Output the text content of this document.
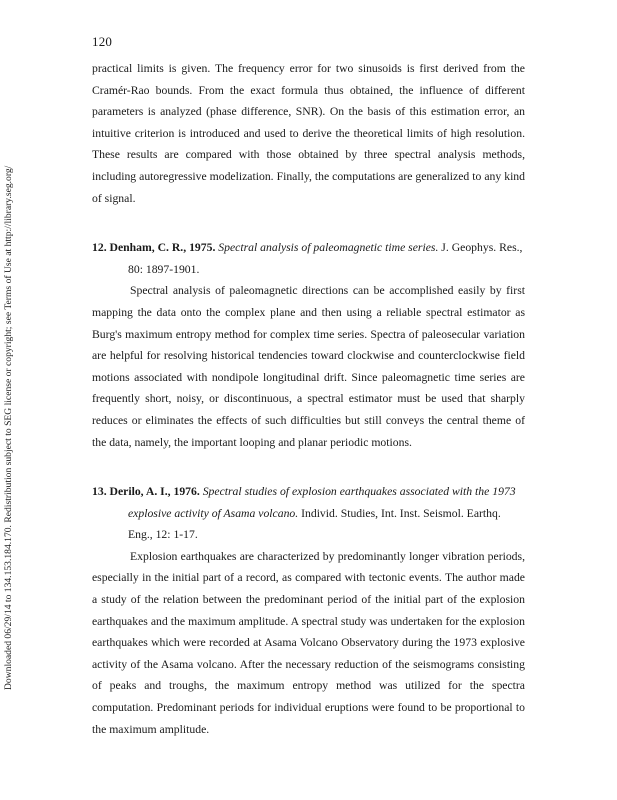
120
Downloaded 06/29/14 to 134.153.184.170. Redistribution subject to SEG license or copyright; see Terms of Use at http://library.seg.org/

practical limits is given. The frequency error for two sinusoids is first derived from the Cramér-Rao bounds. From the exact formula thus obtained, the influence of different parameters is analyzed (phase difference, SNR). On the basis of this estimation error, an intuitive criterion is introduced and used to derive the theoretical limits of high resolution. These results are compared with those obtained by three spectral analysis methods, including autoregressive modelization. Finally, the computations are generalized to any kind of signal.

12. Denham, C. R., 1975. Spectral analysis of paleomagnetic time series. J. Geophys. Res., 80: 1897-1901.

Spectral analysis of paleomagnetic directions can be accomplished easily by first mapping the data onto the complex plane and then using a reliable spectral estimator as Burg's maximum entropy method for complex time series. Spectra of paleosecular variation are helpful for resolving historical tendencies toward clockwise and counterclockwise field motions associated with nondipole longitudinal drift. Since paleomagnetic time series are frequently short, noisy, or discontinuous, a spectral estimator must be used that sharply reduces or eliminates the effects of such difficulties but still conveys the central theme of the data, namely, the important looping and planar periodic motions.

13. Derilo, A. I., 1976. Spectral studies of explosion earthquakes associated with the 1973 explosive activity of Asama volcano. Individ. Studies, Int. Inst. Seismol. Earthq. Eng., 12: 1-17.

Explosion earthquakes are characterized by predominantly longer vibration periods, especially in the initial part of a record, as compared with tectonic events. The author made a study of the relation between the predominant period of the initial part of the explosion earthquakes and the maximum amplitude. A spectral study was undertaken for the explosion earthquakes which were recorded at Asama Volcano Observatory during the 1973 explosive activity of the Asama volcano. After the necessary reduction of the seismograms consisting of peaks and troughs, the maximum entropy method was utilized for the spectra computation. Predominant periods for individual eruptions were found to be proportional to the maximum amplitude.
